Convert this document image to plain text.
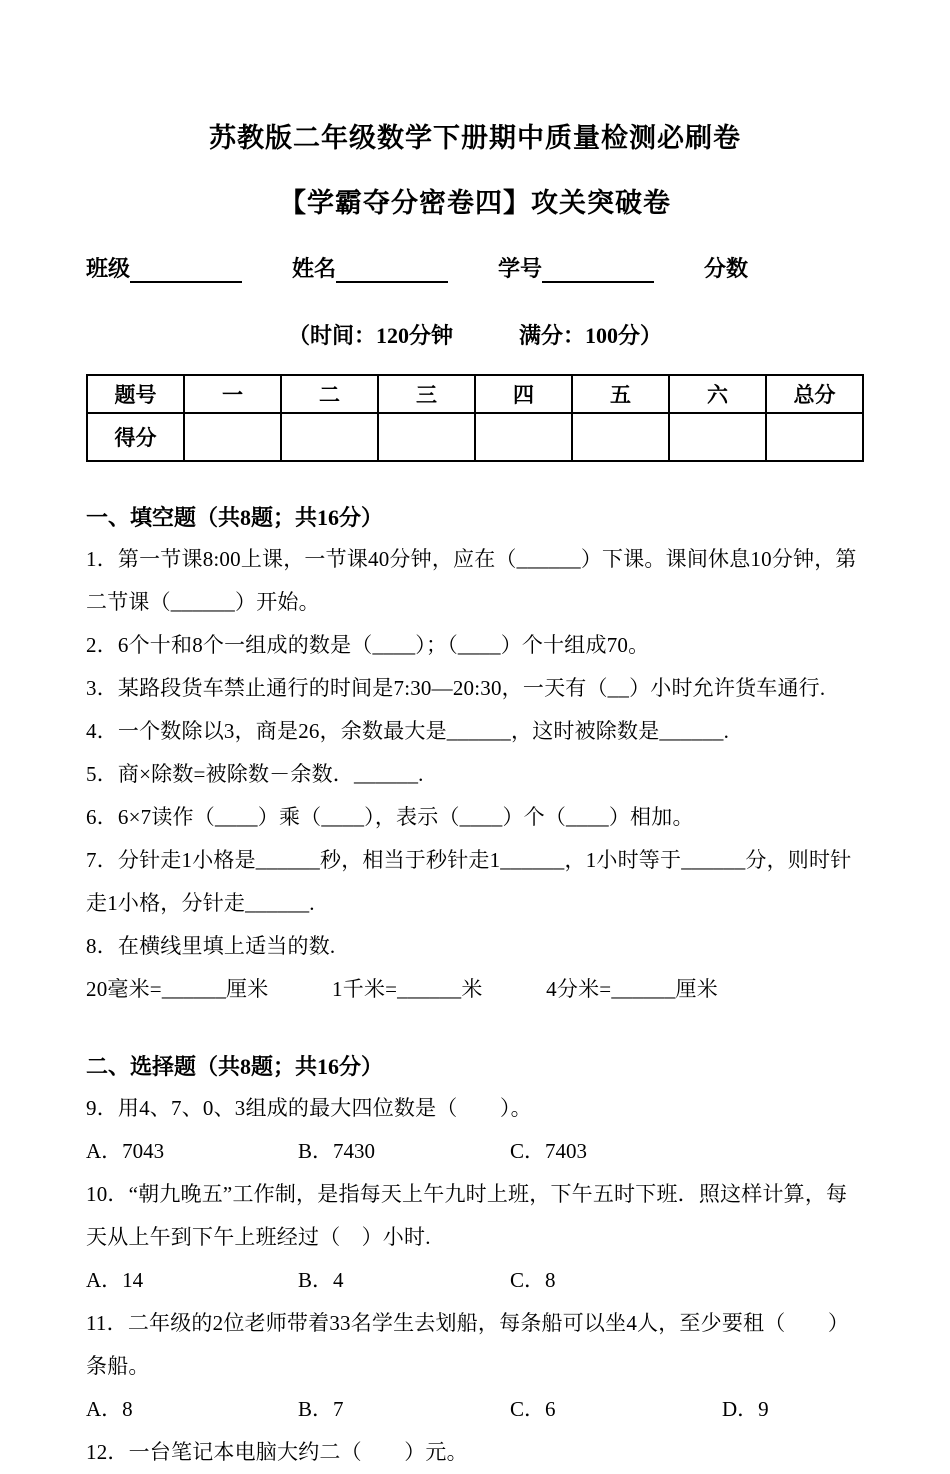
苏教版二年级数学下册期中质量检测必刷卷
【学霸夺分密卷四】攻关突破卷
班级	姓名	学号	分数
（时间：120分钟　　　满分：100分）
题号	一	二	三	四	五	六	总分
得分							
一、填空题（共8题；共16分）
1．第一节课8:00上课，一节课40分钟，应在（______）下课。课间休息10分钟，第二节课（______）开始。
2．6个十和8个一组成的数是（____）；（____）个十组成70。
3．某路段货车禁止通行的时间是7:30—20:30，一天有（__）小时允许货车通行.
4．一个数除以3，商是26，余数最大是______，这时被除数是______.
5．商×除数=被除数－余数．______.
6．6×7读作（____）乘（____），表示（____）个（____）相加。
7．分针走1小格是______秒，相当于秒针走1______，1小时等于______分，则时针走1小格，分针走______.
8．在横线里填上适当的数.
20毫米=______厘米　　　1千米=______米　　　4分米=______厘米
二、选择题（共8题；共16分）
9．用4、7、0、3组成的最大四位数是（　　）。
A．7043	B．7430	C．7403
10．“朝九晚五”工作制，是指每天上午九时上班，下午五时下班．照这样计算，每天从上午到下午上班经过（　）小时.
A．14	B．4	C．8
11．二年级的2位老师带着33名学生去划船，每条船可以坐4人，至少要租（　　）条船。
A．8	B．7	C．6	D．9
12．一台笔记本电脑大约二（　　）元。
